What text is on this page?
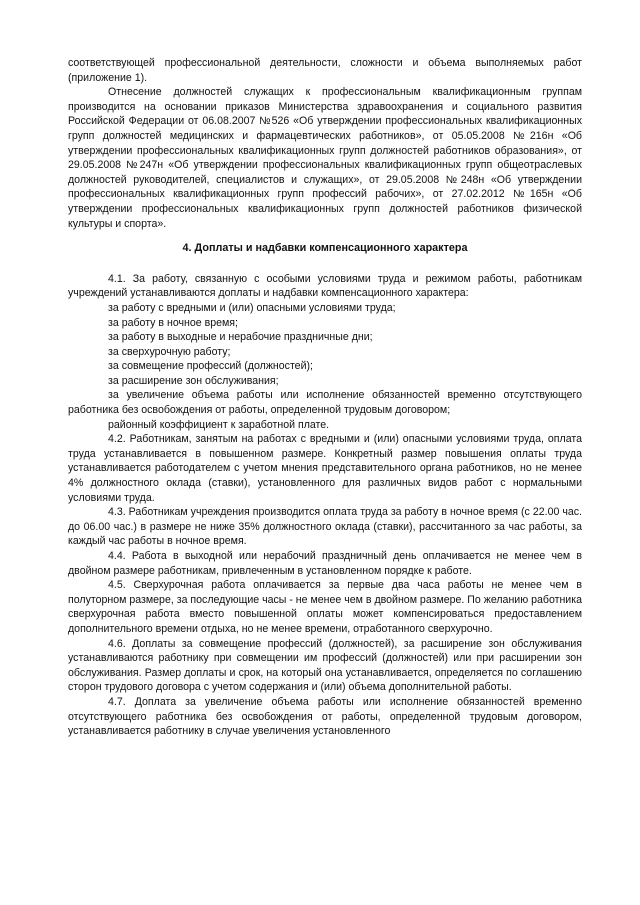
соответствующей профессиональной деятельности, сложности и объема выполняемых работ (приложение 1).

Отнесение должностей служащих к профессиональным квалификационным группам производится на основании приказов Министерства здравоохранения и социального развития Российской Федерации от 06.08.2007 №526 «Об утверждении профессиональных квалификационных групп должностей медицинских и фармацевтических работников», от 05.05.2008 №216н «Об утверждении профессиональных квалификационных групп должностей работников образования», от 29.05.2008 №247н «Об утверждении профессиональных квалификационных групп общеотраслевых должностей руководителей, специалистов и служащих», от 29.05.2008 №248н «Об утверждении профессиональных квалификационных групп профессий рабочих», от 27.02.2012 №165н «Об утверждении профессиональных квалификационных групп должностей работников физической культуры и спорта».

4. Доплаты и надбавки компенсационного характера

4.1. За работу, связанную с особыми условиями труда и режимом работы, работникам учреждений устанавливаются доплаты и надбавки компенсационного характера:

за работу с вредными и (или) опасными условиями труда;

за работу в ночное время;

за работу в выходные и нерабочие праздничные дни;

за сверхурочную работу;

за совмещение профессий (должностей);

за расширение зон обслуживания;

за увеличение объема работы или исполнение обязанностей временно отсутствующего работника без освобождения от работы, определенной трудовым договором;

районный коэффициент к заработной плате.

4.2. Работникам, занятым на работах с вредными и (или) опасными условиями труда, оплата труда устанавливается в повышенном размере. Конкретный размер повышения оплаты труда устанавливается работодателем с учетом мнения представительного органа работников, но не менее 4% должностного оклада (ставки), установленного для различных видов работ с нормальными условиями труда.

4.3. Работникам учреждения производится оплата труда за работу в ночное время (с 22.00 час. до 06.00 час.) в размере не ниже 35% должностного оклада (ставки), рассчитанного за час работы, за каждый час работы в ночное время.

4.4. Работа в выходной или нерабочий праздничный день оплачивается не менее чем в двойном размере работникам, привлеченным в установленном порядке к работе.

4.5. Сверхурочная работа оплачивается за первые два часа работы не менее чем в полуторном размере, за последующие часы - не менее чем в двойном размере. По желанию работника сверхурочная работа вместо повышенной оплаты может компенсироваться предоставлением дополнительного времени отдыха, но не менее времени, отработанного сверхурочно.

4.6. Доплаты за совмещение профессий (должностей), за расширение зон обслуживания устанавливаются работнику при совмещении им профессий (должностей) или при расширении зон обслуживания. Размер доплаты и срок, на который она устанавливается, определяется по соглашению сторон трудового договора с учетом содержания и (или) объема дополнительной работы.

4.7. Доплата за увеличение объема работы или исполнение обязанностей временно отсутствующего работника без освобождения от работы, определенной трудовым договором, устанавливается работнику в случае увеличения установленного
